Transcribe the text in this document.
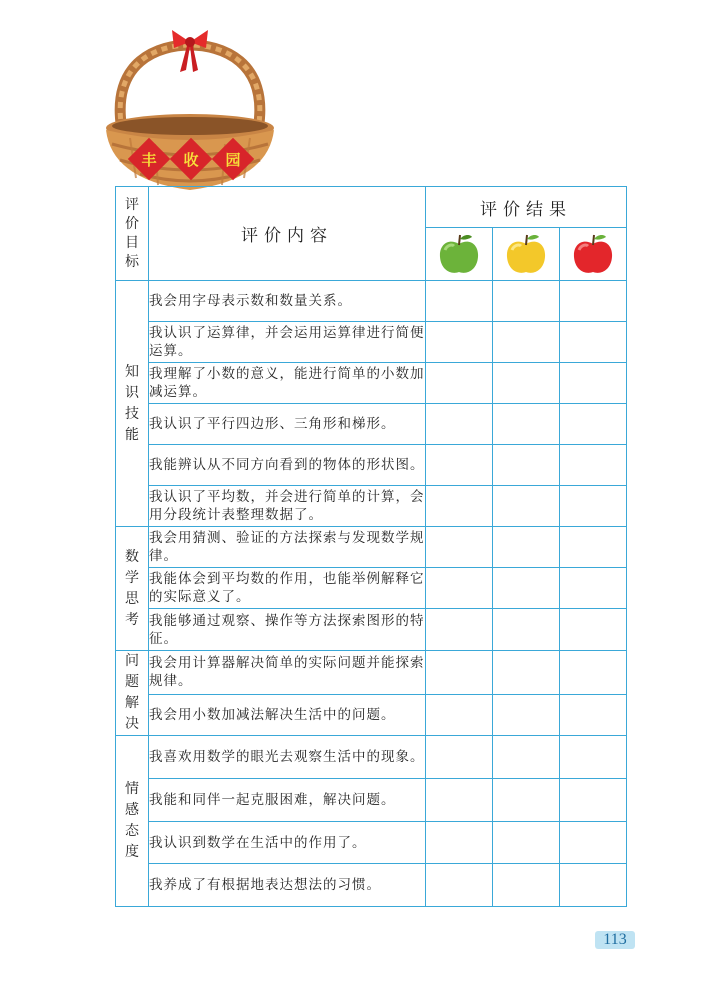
丰 收 园
评
价
目
标	评价内容	评价结果		

知
识
技
能	我会用字母表示数和数量关系。			
	我认识了运算律，并会运用运算律进行简便运算。			
	我理解了小数的意义，能进行简单的小数加减运算。			
	我认识了平行四边形、三角形和梯形。			
	我能辨认从不同方向看到的物体的形状图。			
	我认识了平均数，并会进行简单的计算，会用分段统计表整理数据了。			
数
学
思
考	我会用猜测、验证的方法探索与发现数学规律。			
	我能体会到平均数的作用，也能举例解释它的实际意义了。			
	我能够通过观察、操作等方法探索图形的特征。			
问
题
解
决	我会用计算器解决简单的实际问题并能探索规律。			
	我会用小数加减法解决生活中的问题。			
情
感
态
度	我喜欢用数学的眼光去观察生活中的现象。			
	我能和同伴一起克服困难，解决问题。			
	我认识到数学在生活中的作用了。			
	我养成了有根据地表达想法的习惯。			
113
